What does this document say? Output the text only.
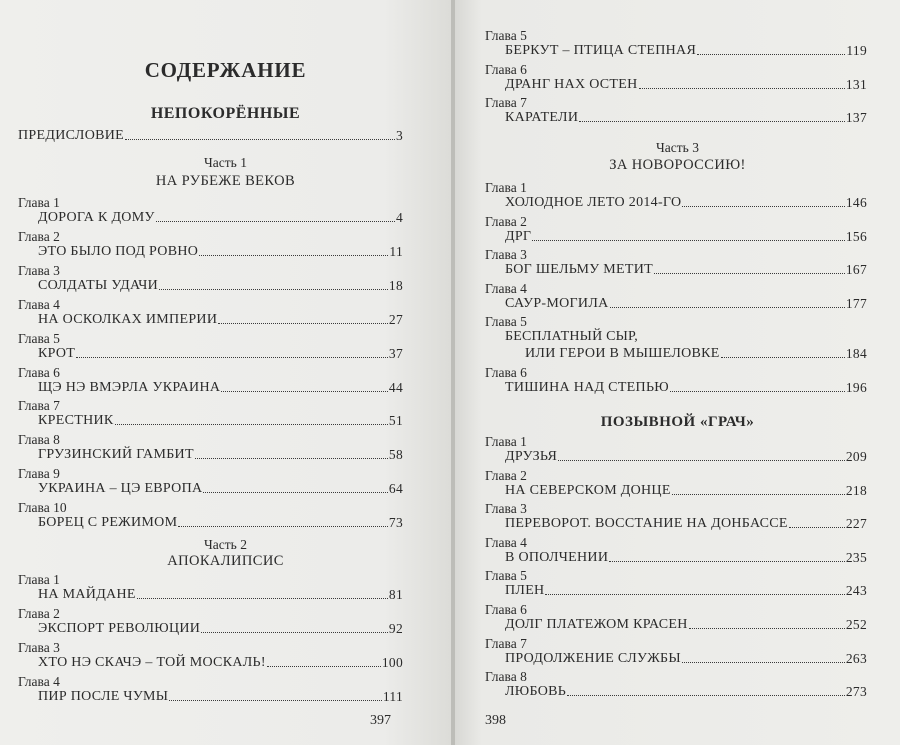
СОДЕРЖАНИЕ
НЕПОКОРЁННЫЕ
ПРЕДИСЛОВИЕ	3
Часть 1
НА РУБЕЖЕ ВЕКОВ
Глава 1
ДОРОГА К ДОМУ	4
Глава 2
ЭТО БЫЛО ПОД РОВНО	11
Глава 3
СОЛДАТЫ УДАЧИ	18
Глава 4
НА ОСКОЛКАХ ИМПЕРИИ	27
Глава 5
КРОТ	37
Глава 6
ЩЭ НЭ ВМЭРЛА УКРАИНА	44
Глава 7
КРЕСТНИК	51
Глава 8
ГРУЗИНСКИЙ ГАМБИТ	58
Глава 9
УКРАИНА – ЦЭ ЕВРОПА	64
Глава 10
БОРЕЦ С РЕЖИМОМ	73
Часть 2
АПОКАЛИПСИС
Глава 1
НА МАЙДАНЕ	81
Глава 2
ЭКСПОРТ РЕВОЛЮЦИИ	92
Глава 3
ХТО НЭ СКАЧЭ – ТОЙ МОСКАЛЬ!	100
Глава 4
ПИР ПОСЛЕ ЧУМЫ	111
397
Глава 5
БЕРКУТ – ПТИЦА СТЕПНАЯ	119
Глава 6
ДРАНГ НАХ ОСТЕН	131
Глава 7
КАРАТЕЛИ	137
Часть 3
ЗА НОВОРОССИЮ!
Глава 1
ХОЛОДНОЕ ЛЕТО 2014-ГО	146
Глава 2
ДРГ	156
Глава 3
БОГ ШЕЛЬМУ МЕТИТ	167
Глава 4
САУР-МОГИЛА	177
Глава 5
БЕСПЛАТНЫЙ СЫР,
ИЛИ ГЕРОИ В МЫШЕЛОВКЕ	184
Глава 6
ТИШИНА НАД СТЕПЬЮ	196
ПОЗЫВНОЙ «ГРАЧ»
Глава 1
ДРУЗЬЯ	209
Глава 2
НА СЕВЕРСКОМ ДОНЦЕ	218
Глава 3
ПЕРЕВОРОТ. ВОССТАНИЕ НА ДОНБАССЕ	227
Глава 4
В ОПОЛЧЕНИИ	235
Глава 5
ПЛЕН	243
Глава 6
ДОЛГ ПЛАТЕЖОМ КРАСЕН	252
Глава 7
ПРОДОЛЖЕНИЕ СЛУЖБЫ	263
Глава 8
ЛЮБОВЬ	273
398
